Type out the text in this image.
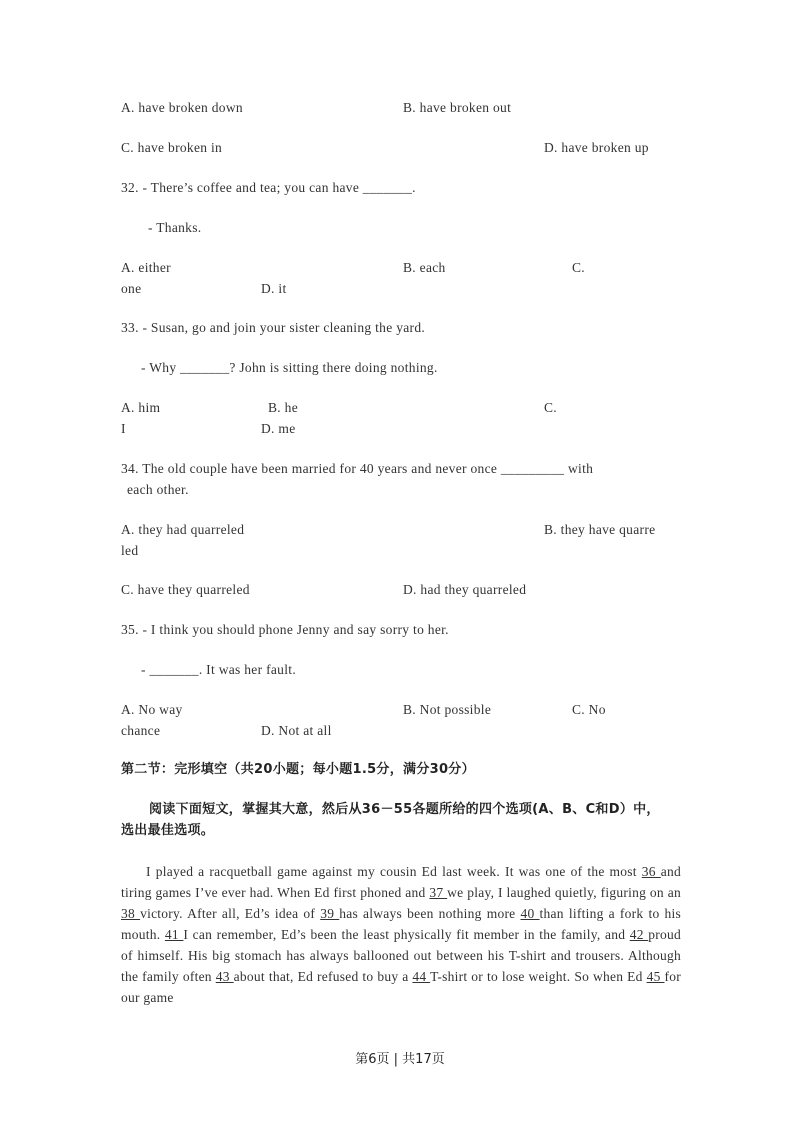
A. have broken down	B. have broken out
C. have broken in	D. have broken up
32. - There’s coffee and tea; you can have _______.
- Thanks.
A. either	B. each	C.
one	D. it
33. - Susan, go and join your sister cleaning the yard.
- Why _______? John is sitting there doing nothing.
A. him	B. he	C.
I	D. me
34. The old couple have been married for 40 years and never once _________ with
each other.
A. they had quarreled	B. they have quarre
led
C. have they quarreled	D. had they quarreled
35. - I think you should phone Jenny and say sorry to her.
- _______. It was her fault.
A. No way	B. Not possible	C. No
chance	D. Not at all
第二节：完形填空（共20小题；每小题1.5分，满分30分）
阅读下面短文，掌握其大意，然后从36－55各题所给的四个选项(A、B、C和D）中，
选出最佳选项。
I played a racquetball game against my cousin Ed last week. It was one of the most 36 and tiring games I’ve ever had. When Ed first phoned and 37 we play, I laughed quietly, figuring on an 38 victory. After all, Ed’s idea of 39 has always been nothing more 40 than lifting a fork to his mouth. 41 I can remember, Ed’s been the least physically fit member in the family, and 42 proud of himself. His big stomach has always ballooned out between his T-shirt and trousers. Although the family often 43 about that, Ed refused to buy a 44 T-shirt or to lose weight. So when Ed 45 for our game
第6页 | 共17页
